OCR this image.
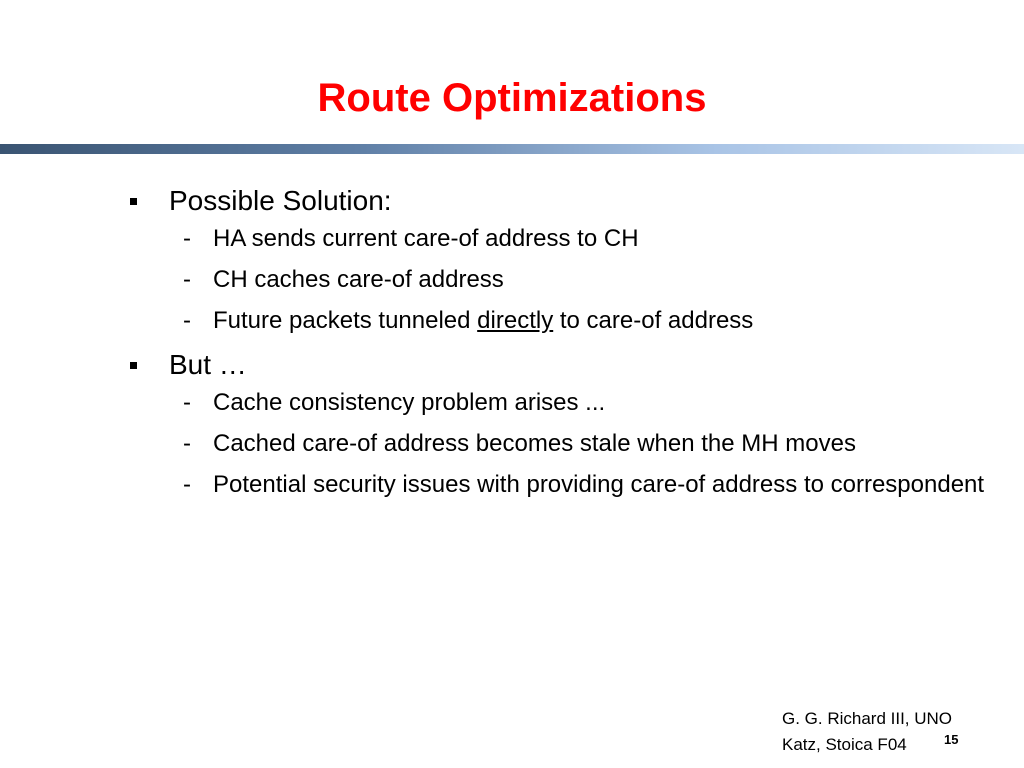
Route Optimizations
Possible Solution:
- HA sends current care-of address to CH
- CH caches care-of address
- Future packets tunneled directly to care-of address
But …
- Cache consistency problem arises ...
- Cached care-of address becomes stale when the MH moves
- Potential security issues with providing care-of address to correspondent
G. G. Richard III, UNO
Katz, Stoica F04	15
